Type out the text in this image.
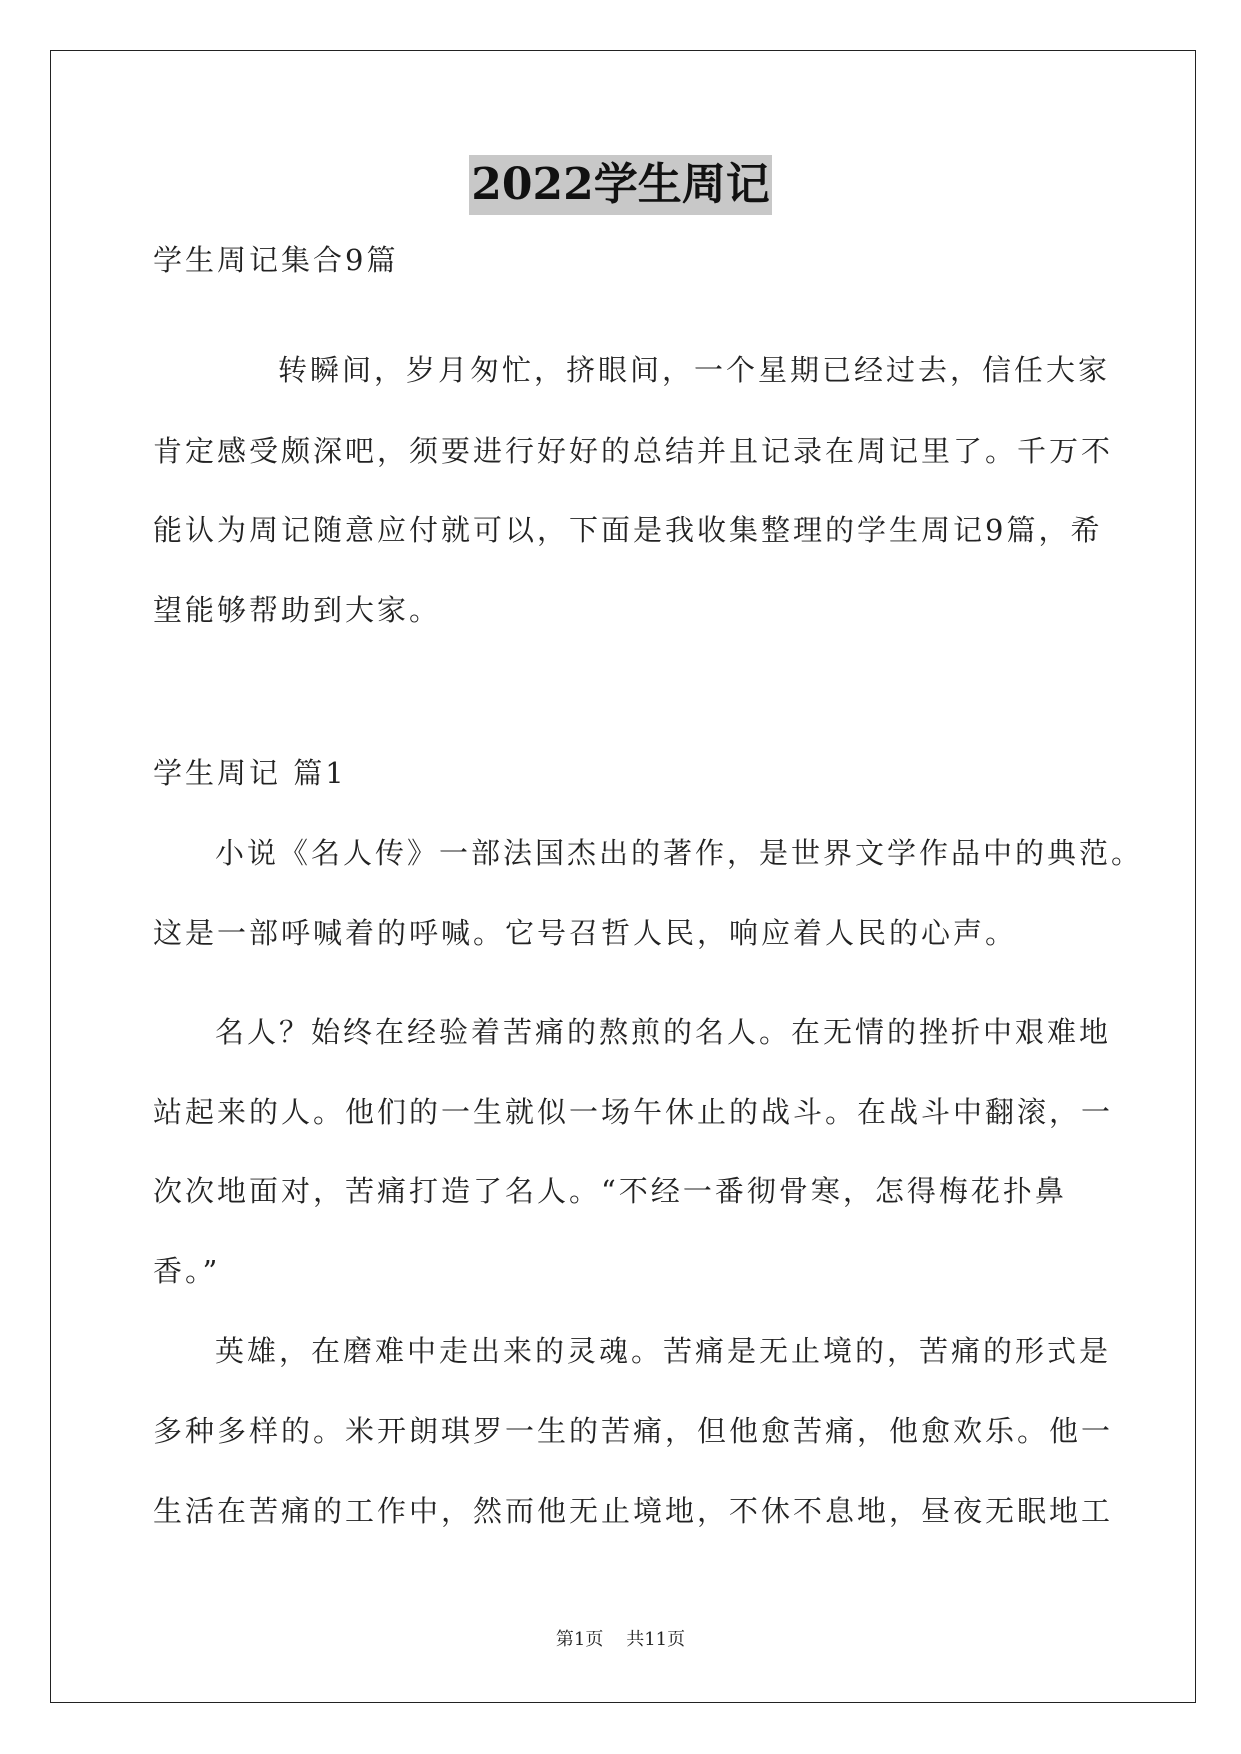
2022学生周记
学生周记集合9篇
转瞬间，岁月匆忙，挤眼间，一个星期已经过去，信任大家
肯定感受颇深吧，须要进行好好的总结并且记录在周记里了。千万不
能认为周记随意应付就可以，下面是我收集整理的学生周记9篇，希
望能够帮助到大家。
学生周记 篇1
小说《名人传》一部法国杰出的著作，是世界文学作品中的典范。
这是一部呼喊着的呼喊。它号召哲人民，响应着人民的心声。
名人？始终在经验着苦痛的熬煎的名人。在无情的挫折中艰难地
站起来的人。他们的一生就似一场午休止的战斗。在战斗中翻滚，一
次次地面对，苦痛打造了名人。“不经一番彻骨寒，怎得梅花扑鼻
香。”
英雄，在磨难中走出来的灵魂。苦痛是无止境的，苦痛的形式是
多种多样的。米开朗琪罗一生的苦痛，但他愈苦痛，他愈欢乐。他一
生活在苦痛的工作中，然而他无止境地，不休不息地，昼夜无眠地工
第1页    共11页
